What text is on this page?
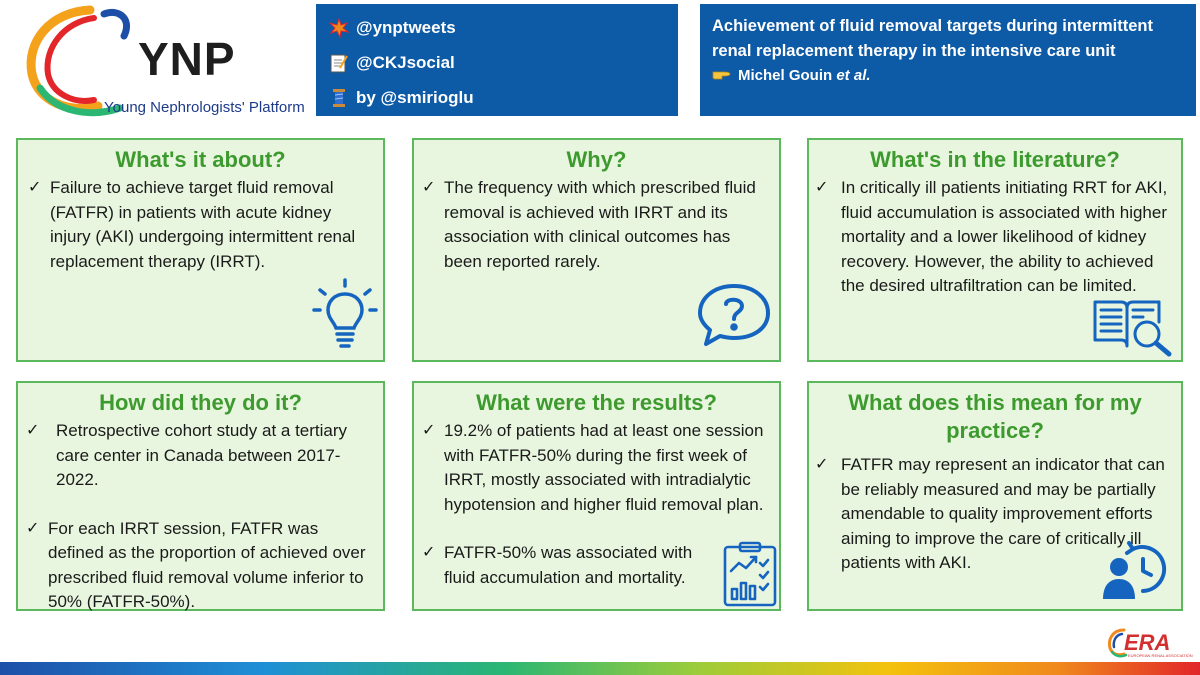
YNP
Young Nephrologists' Platform
@ynptweets
@CKJsocial
by @smirioglu
Achievement of fluid removal targets during intermittent renal replacement therapy in the intensive care unit
Michel Gouin
et al.
What's it about?
✓ Failure to achieve target fluid removal (FATFR) in patients with acute kidney injury (AKI) undergoing intermittent renal replacement therapy (IRRT).
Why?
✓ The frequency with which prescribed fluid removal is achieved with IRRT and its association with clinical outcomes has been reported rarely.
What's in the literature?
✓ In critically ill patients initiating RRT for AKI, fluid accumulation is associated with higher mortality and a lower likelihood of kidney recovery. However, the ability to achieved the desired ultrafiltration can be limited.
How did they do it?
✓ Retrospective cohort study at a tertiary care center in Canada between 2017-2022.
✓ For each IRRT session, FATFR was defined as the proportion of achieved over prescribed fluid removal volume inferior to 50% (FATFR-50%).
What were the results?
✓ 19.2% of patients had at least one session with FATFR-50% during the first week of IRRT, mostly associated with intradialytic hypotension and higher fluid removal plan.
✓ FATFR-50% was associated with fluid accumulation and mortality.
What does this mean for my practice?
✓ FATFR may represent an indicator that can be reliably measured and may be partially amendable to quality improvement efforts aiming to improve the care of critically ill patients with AKI.
ERA
EUROPEAN RENAL ASSOCIATION
